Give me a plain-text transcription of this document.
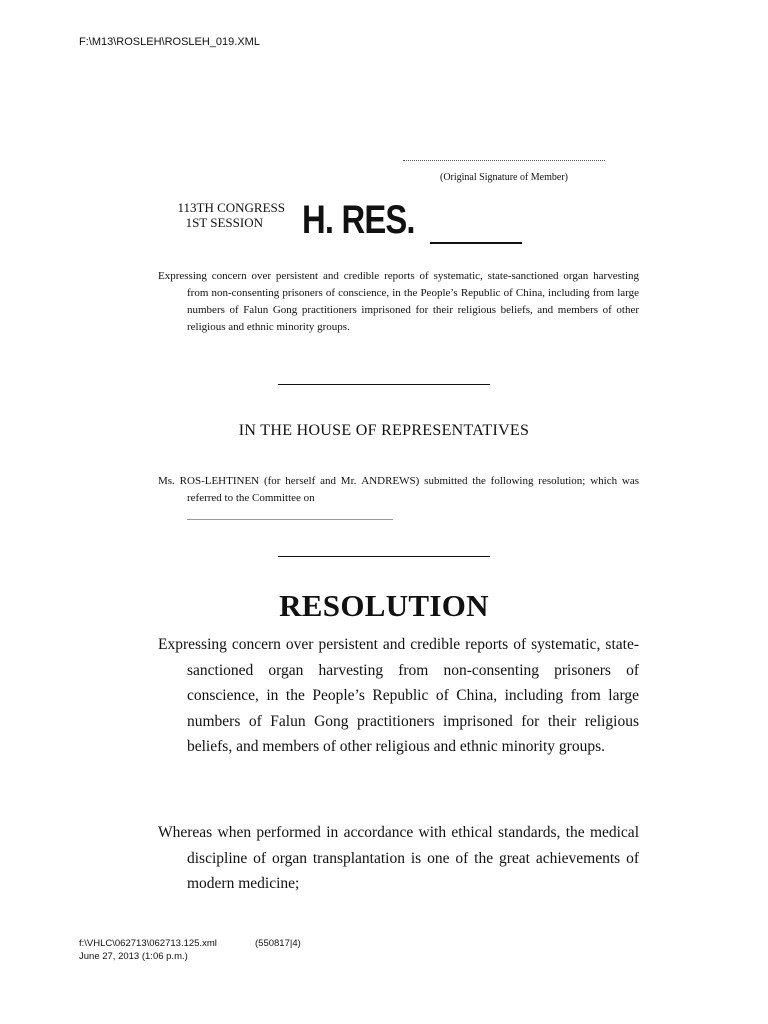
F:\M13\ROSLEH\ROSLEH_019.XML
(Original Signature of Member)
113TH CONGRESS
1ST SESSION H. RES.
Expressing concern over persistent and credible reports of systematic, state-sanctioned organ harvesting from non-consenting prisoners of conscience, in the People’s Republic of China, including from large numbers of Falun Gong practitioners imprisoned for their religious beliefs, and members of other religious and ethnic minority groups.
IN THE HOUSE OF REPRESENTATIVES
Ms. ROS-LEHTINEN (for herself and Mr. ANDREWS) submitted the following resolution; which was referred to the Committee on
RESOLUTION
Expressing concern over persistent and credible reports of systematic, state-sanctioned organ harvesting from non-consenting prisoners of conscience, in the People’s Republic of China, including from large numbers of Falun Gong practitioners imprisoned for their religious beliefs, and members of other religious and ethnic minority groups.
Whereas when performed in accordance with ethical standards, the medical discipline of organ transplantation is one of the great achievements of modern medicine;
f:\VHLC\062713\062713.125.xml	(550817|4)
June 27, 2013 (1:06 p.m.)
